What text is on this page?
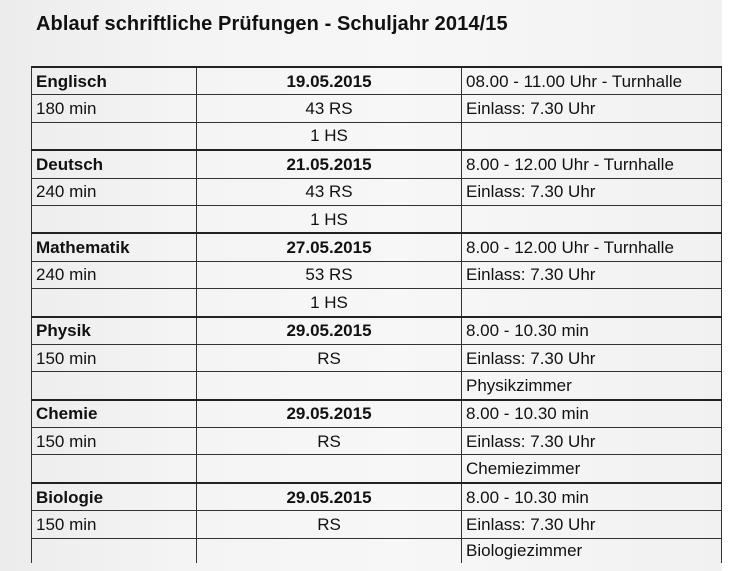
Ablauf schriftliche Prüfungen - Schuljahr 2014/15
Englisch	19.05.2015	08.00 - 11.00 Uhr - Turnhalle
180 min	43 RS	Einlass: 7.30 Uhr
	1 HS	
Deutsch	21.05.2015	8.00 - 12.00 Uhr - Turnhalle
240 min	43 RS	Einlass: 7.30 Uhr
	1 HS	
Mathematik	27.05.2015	8.00 - 12.00 Uhr - Turnhalle
240 min	53 RS	Einlass: 7.30 Uhr
	1 HS	
Physik	29.05.2015	8.00 - 10.30 min
150 min	RS	Einlass: 7.30 Uhr
		Physikzimmer
Chemie	29.05.2015	8.00 - 10.30 min
150 min	RS	Einlass: 7.30 Uhr
		Chemiezimmer
Biologie	29.05.2015	8.00 - 10.30 min
150 min	RS	Einlass: 7.30 Uhr
		Biologiezimmer
